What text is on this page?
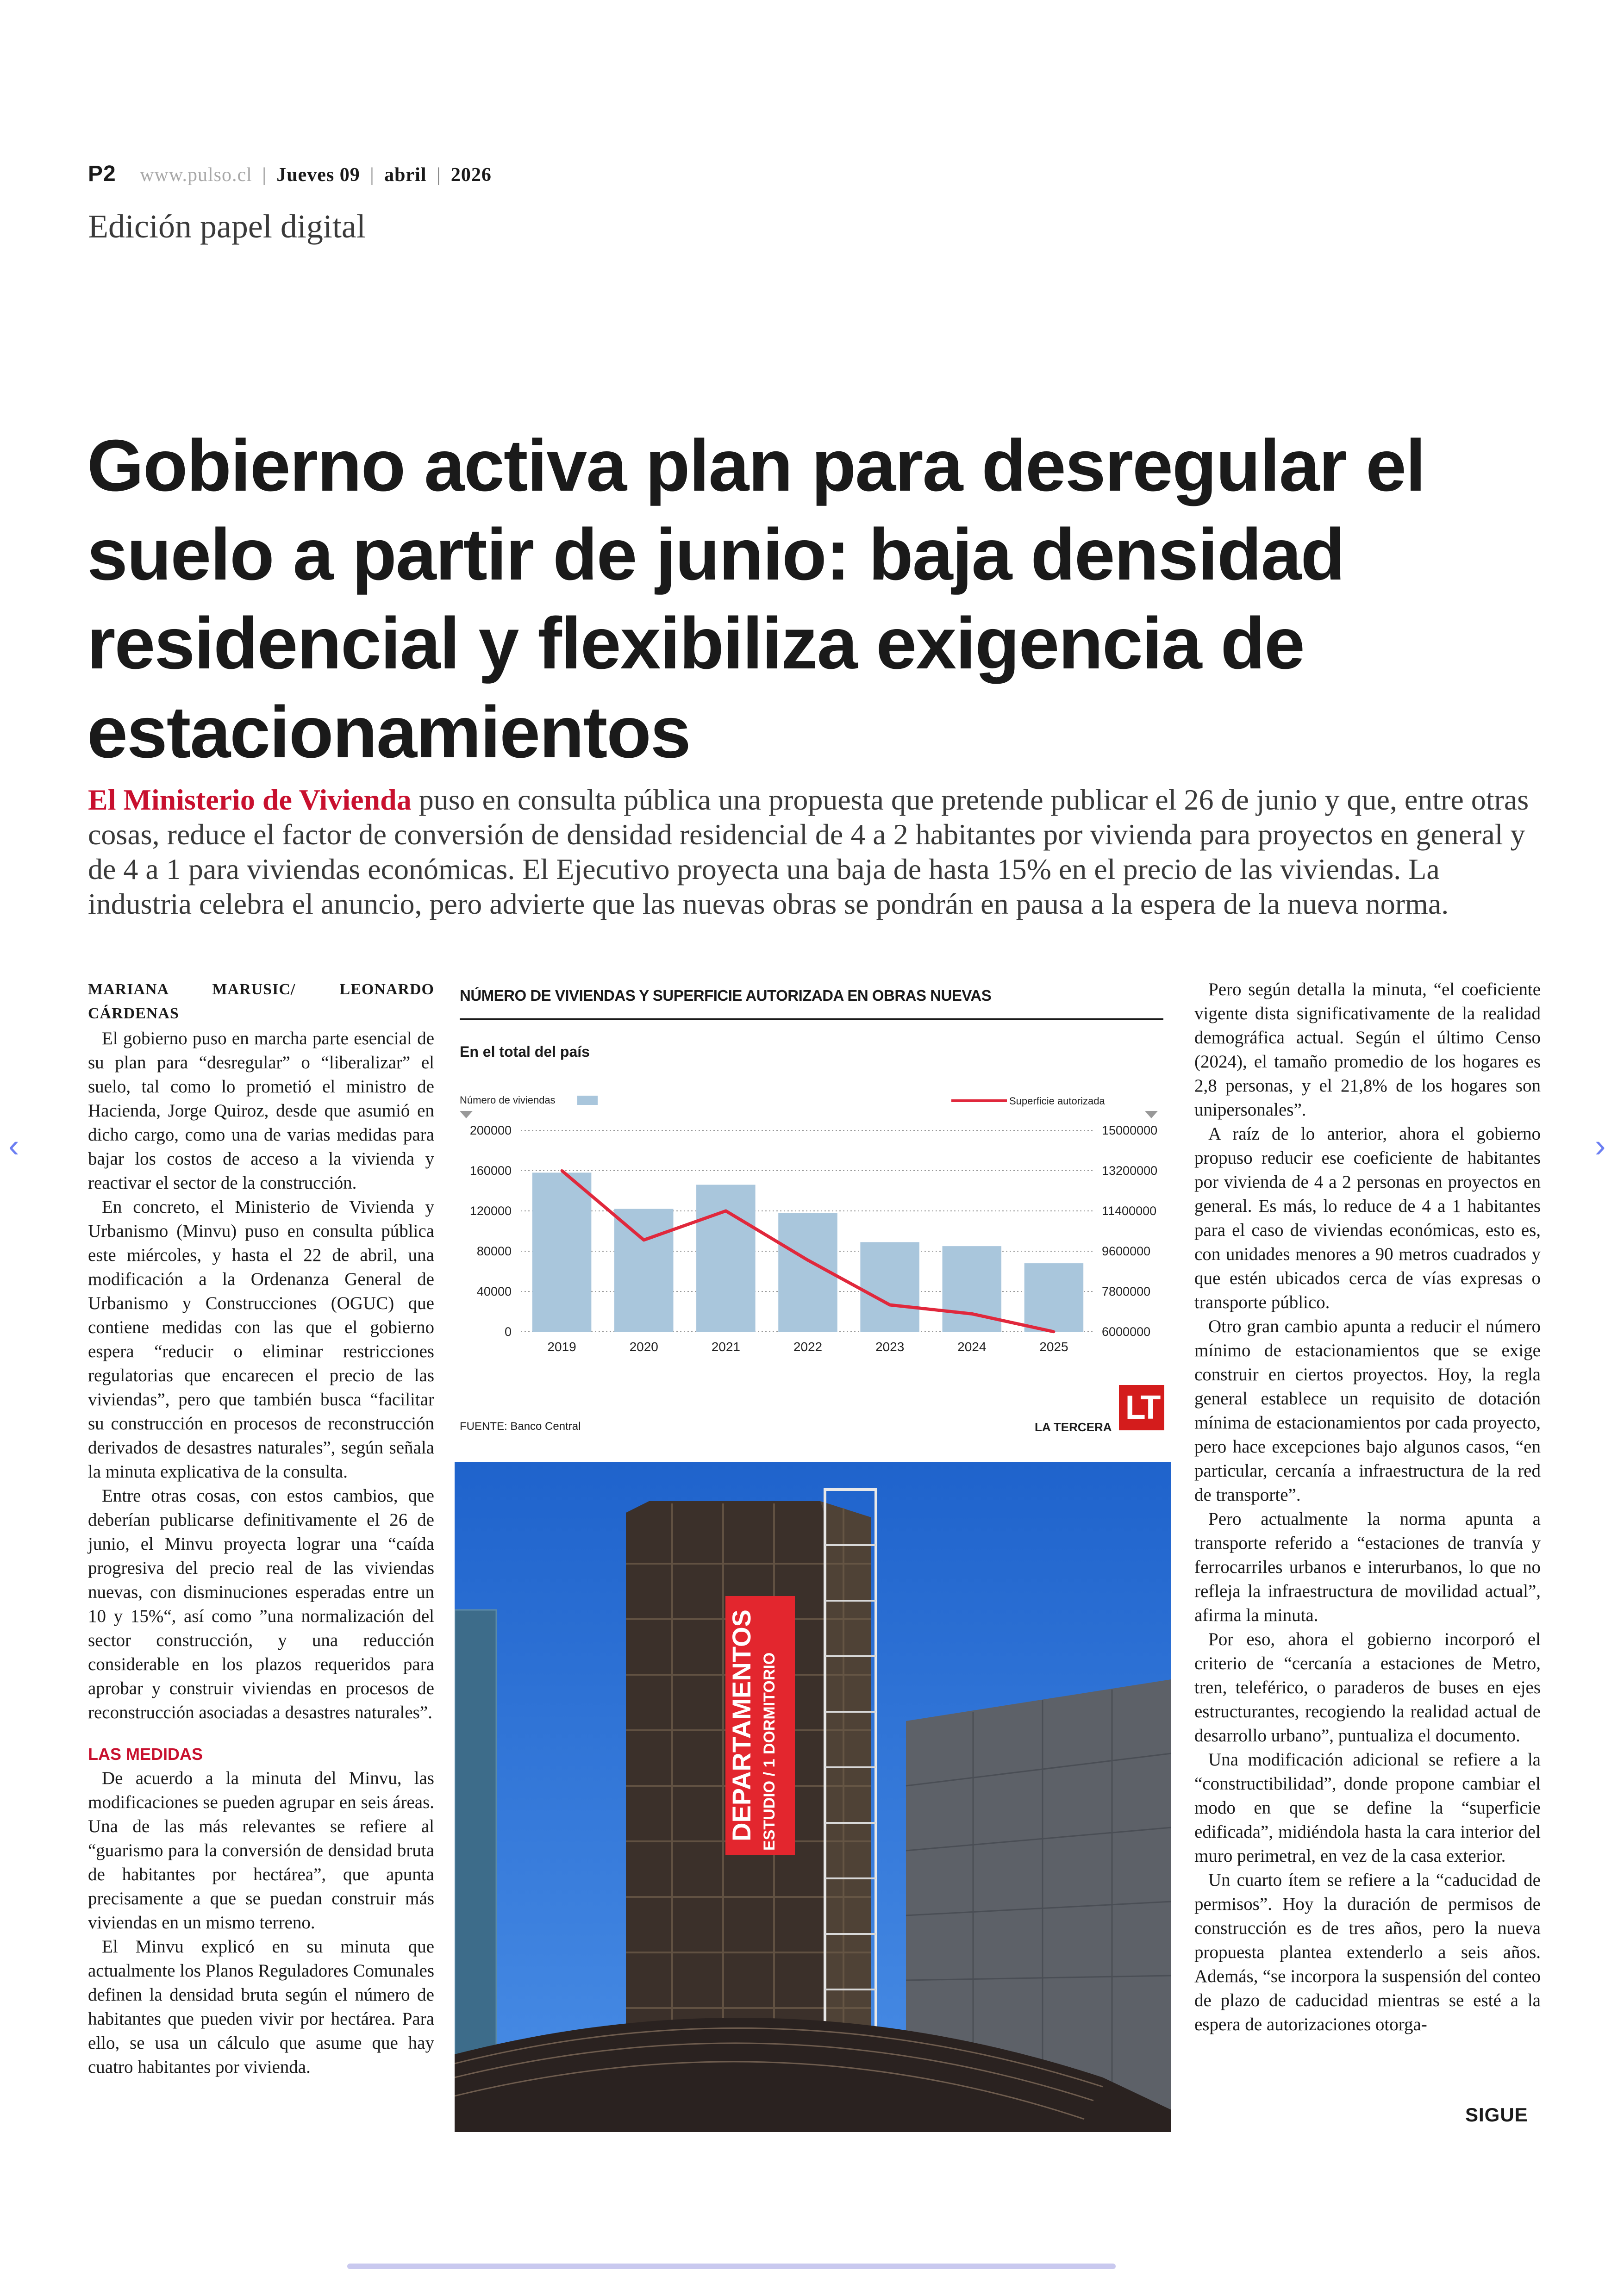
P2 www.pulso.cl | Jueves 09 | abril | 2026
Edición papel digital
Gobierno activa plan para desregular el suelo a partir de junio: baja densidad residencial y flexibiliza exigencia de estacionamientos
El Ministerio de Vivienda puso en consulta pública una propuesta que pretende publicar el 26 de junio y que, entre otras cosas, reduce el factor de conversión de densidad residencial de 4 a 2 habitantes por vivienda para proyectos en general y de 4 a 1 para viviendas económicas. El Ejecutivo proyecta una baja de hasta 15% en el precio de las viviendas. La industria celebra el anuncio, pero advierte que las nuevas obras se pondrán en pausa a la espera de la nueva norma.

MARIANA MARUSIC/ LEONARDO CÁRDENAS

El gobierno puso en marcha parte esencial de su plan para “desregular” o “liberalizar” el suelo, tal como lo prometió el ministro de Hacienda, Jorge Quiroz, desde que asumió en dicho cargo, como una de varias medidas para bajar los costos de acceso a la vivienda y reactivar el sector de la construcción.

En concreto, el Ministerio de Vivienda y Urbanismo (Minvu) puso en consulta pública este miércoles, y hasta el 22 de abril, una modificación a la Ordenanza General de Urbanismo y Construcciones (OGUC) que contiene medidas con las que el gobierno espera “reducir o eliminar restricciones regulatorias que encarecen el precio de las viviendas”, pero que también busca “facilitar su construcción en procesos de reconstrucción derivados de desastres naturales”, según señala la minuta explicativa de la consulta.

Entre otras cosas, con estos cambios, que deberían publicarse definitivamente el 26 de junio, el Minvu proyecta lograr una “caída progresiva del precio real de las viviendas nuevas, con disminuciones esperadas entre un 10 y 15%“, así como ”una normalización del sector construcción, y una reducción considerable en los plazos requeridos para aprobar y construir viviendas en procesos de reconstrucción asociadas a desastres naturales”.

LAS MEDIDAS

De acuerdo a la minuta del Minvu, las modificaciones se pueden agrupar en seis áreas. Una de las más relevantes se refiere al “guarismo para la conversión de densidad bruta de habitantes por hectárea”, que apunta precisamente a que se puedan construir más viviendas en un mismo terreno.

El Minvu explicó en su minuta que actualmente los Planos Reguladores Comunales definen la densidad bruta según el número de habitantes que pueden vivir por hectárea. Para ello, se usa un cálculo que asume que hay cuatro habitantes por vivienda.

NÚMERO DE VIVIENDAS Y SUPERFICIE AUTORIZADA EN OBRAS NUEVAS
En el total del país
Número de viviendas	Superficie autorizada
200000
160000
120000
80000
40000
0
15000000
13200000
11400000
9600000
7800000
6000000
2019	2020	2021	2022	2023	2024	2025
FUENTE: Banco Central	LA TERCERA
LT
DEPARTAMENTOS ESTUDIO / 1 DORMITORIO

Pero según detalla la minuta, “el coeficiente vigente dista significativamente de la realidad demográfica actual. Según el último Censo (2024), el tamaño promedio de los hogares es 2,8 personas, y el 21,8% de los hogares son unipersonales”.

A raíz de lo anterior, ahora el gobierno propuso reducir ese coeficiente de habitantes por vivienda de 4 a 2 personas en proyectos en general. Es más, lo reduce de 4 a 1 habitantes para el caso de viviendas económicas, esto es, con unidades menores a 90 metros cuadrados y que estén ubicados cerca de vías expresas o transporte público.

Otro gran cambio apunta a reducir el número mínimo de estacionamientos que se exige construir en ciertos proyectos. Hoy, la regla general establece un requisito de dotación mínima de estacionamientos por cada proyecto, pero hace excepciones bajo algunos casos, “en particular, cercanía a infraestructura de la red de transporte”.

Pero actualmente la norma apunta a transporte referido a “estaciones de tranvía y ferrocarriles urbanos e interurbanos, lo que no refleja la infraestructura de movilidad actual”, afirma la minuta.

Por eso, ahora el gobierno incorporó el criterio de “cercanía a estaciones de Metro, tren, teleférico, o paraderos de buses en ejes estructurantes, recogiendo la realidad actual de desarrollo urbano”, puntualiza el documento.

Una modificación adicional se refiere a la “constructibilidad”, donde propone cambiar el modo en que se define la “superficie edificada”, midiéndola hasta la cara interior del muro perimetral, en vez de la casa exterior.

Un cuarto ítem se refiere a la “caducidad de permisos”. Hoy la duración de permisos de construcción es de tres años, pero la nueva propuesta plantea extenderlo a seis años. Además, “se incorpora la suspensión del conteo de plazo de caducidad mientras se esté a la espera de autorizaciones otorga-

SIGUE
‹	›
